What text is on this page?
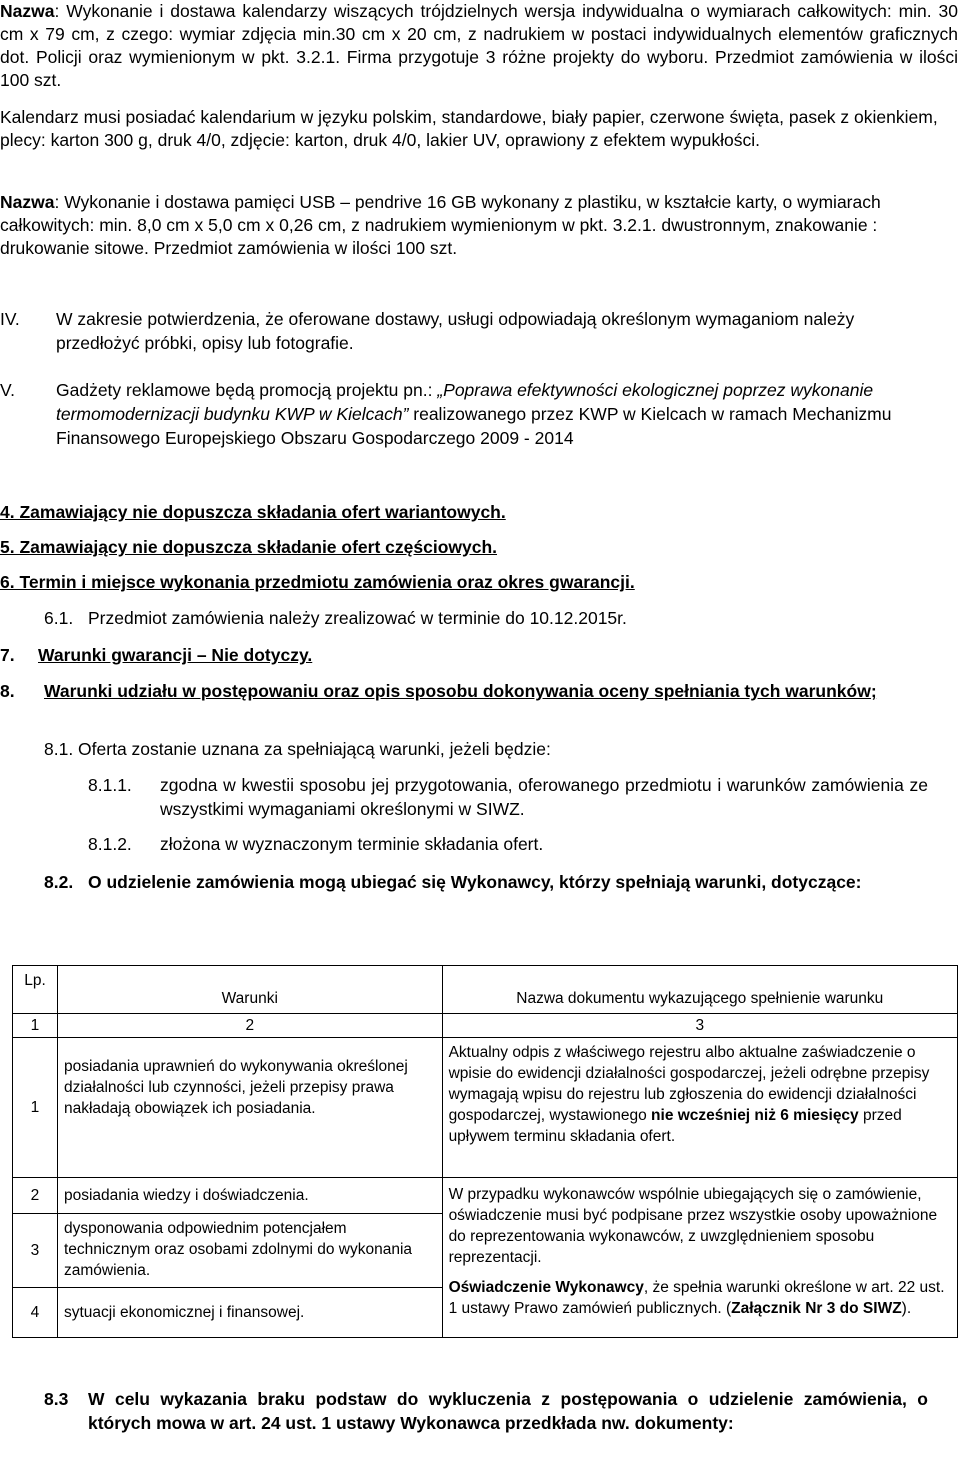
Nazwa: Wykonanie i dostawa kalendarzy wiszących trójdzielnych wersja indywidualna o wymiarach całkowitych: min. 30 cm x 79 cm, z czego: wymiar zdjęcia min.30 cm x 20 cm, z nadrukiem w postaci indywidualnych elementów graficznych dot. Policji oraz wymienionym w pkt. 3.2.1. Firma przygotuje 3 różne projekty do wyboru. Przedmiot zamówienia w ilości 100 szt.

Kalendarz musi posiadać kalendarium w języku polskim, standardowe, biały papier, czerwone święta, pasek z okienkiem, plecy: karton 300 g, druk 4/0, zdjęcie: karton, druk 4/0, lakier UV, oprawiony z efektem wypukłości.

Nazwa: Wykonanie i dostawa pamięci USB – pendrive 16 GB wykonany z plastiku, w kształcie karty, o wymiarach całkowitych: min. 8,0 cm x 5,0 cm x 0,26 cm, z nadrukiem wymienionym w pkt. 3.2.1. dwustronnym, znakowanie : drukowanie sitowe. Przedmiot zamówienia w ilości 100 szt.

IV. W zakresie potwierdzenia, że oferowane dostawy, usługi odpowiadają określonym wymaganiom należy przedłożyć próbki, opisy lub fotografie.

V. Gadżety reklamowe będą promocją projektu pn.: „Poprawa efektywności ekologicznej poprzez wykonanie termomodernizacji budynku KWP w Kielcach” realizowanego przez KWP w Kielcach w ramach Mechanizmu Finansowego Europejskiego Obszaru Gospodarczego 2009 - 2014

4. Zamawiający nie dopuszcza składania ofert wariantowych.

5. Zamawiający nie dopuszcza składanie ofert częściowych.

6. Termin i miejsce wykonania przedmiotu zamówienia oraz okres gwarancji.

6.1. Przedmiot zamówienia należy zrealizować w terminie do 10.12.2015r.
7. Warunki gwarancji – Nie dotyczy.
8. Warunki udziału w postępowaniu oraz opis sposobu dokonywania oceny spełniania tych warunków;

8.1. Oferta zostanie uznana za spełniającą warunki, jeżeli będzie:

8.1.1. zgodna w kwestii sposobu jej przygotowania, oferowanego przedmiotu i warunków zamówienia ze wszystkimi wymaganiami określonymi w SIWZ.

8.1.2. złożona w wyznaczonym terminie składania ofert.

8.2. O udzielenie zamówienia mogą ubiegać się Wykonawcy, którzy spełniają warunki, dotyczące:

Lp.	Warunki	Nazwa dokumentu wykazującego spełnienie warunku
1	2	3
1	posiadania uprawnień do wykonywania określonej działalności lub czynności, jeżeli przepisy prawa nakładają obowiązek ich posiadania.	Aktualny odpis z właściwego rejestru albo aktualne zaświadczenie o wpisie do ewidencji działalności gospodarczej, jeżeli odrębne przepisy wymagają wpisu do rejestru lub zgłoszenia do ewidencji działalności gospodarczej, wystawionego nie wcześniej niż 6 miesięcy przed upływem terminu składania ofert.
2	posiadania wiedzy i doświadczenia.	W przypadku wykonawców wspólnie ubiegających się o zamówienie, oświadczenie musi być podpisane przez wszystkie osoby upoważnione do reprezentowania wykonawców, z uwzględnieniem sposobu reprezentacji.
Oświadczenie Wykonawcy, że spełnia warunki określone w art. 22 ust. 1 ustawy Prawo zamówień publicznych. (Załącznik Nr 3 do SIWZ).

3	dysponowania odpowiednim potencjałem technicznym oraz osobami zdolnymi do wykonania zamówienia.	
4	sytuacji ekonomicznej i finansowej.	
8.3 W celu wykazania braku podstaw do wykluczenia z postępowania o udzielenie zamówienia, o których mowa w art. 24 ust. 1 ustawy Wykonawca przedkłada nw. dokumenty:
